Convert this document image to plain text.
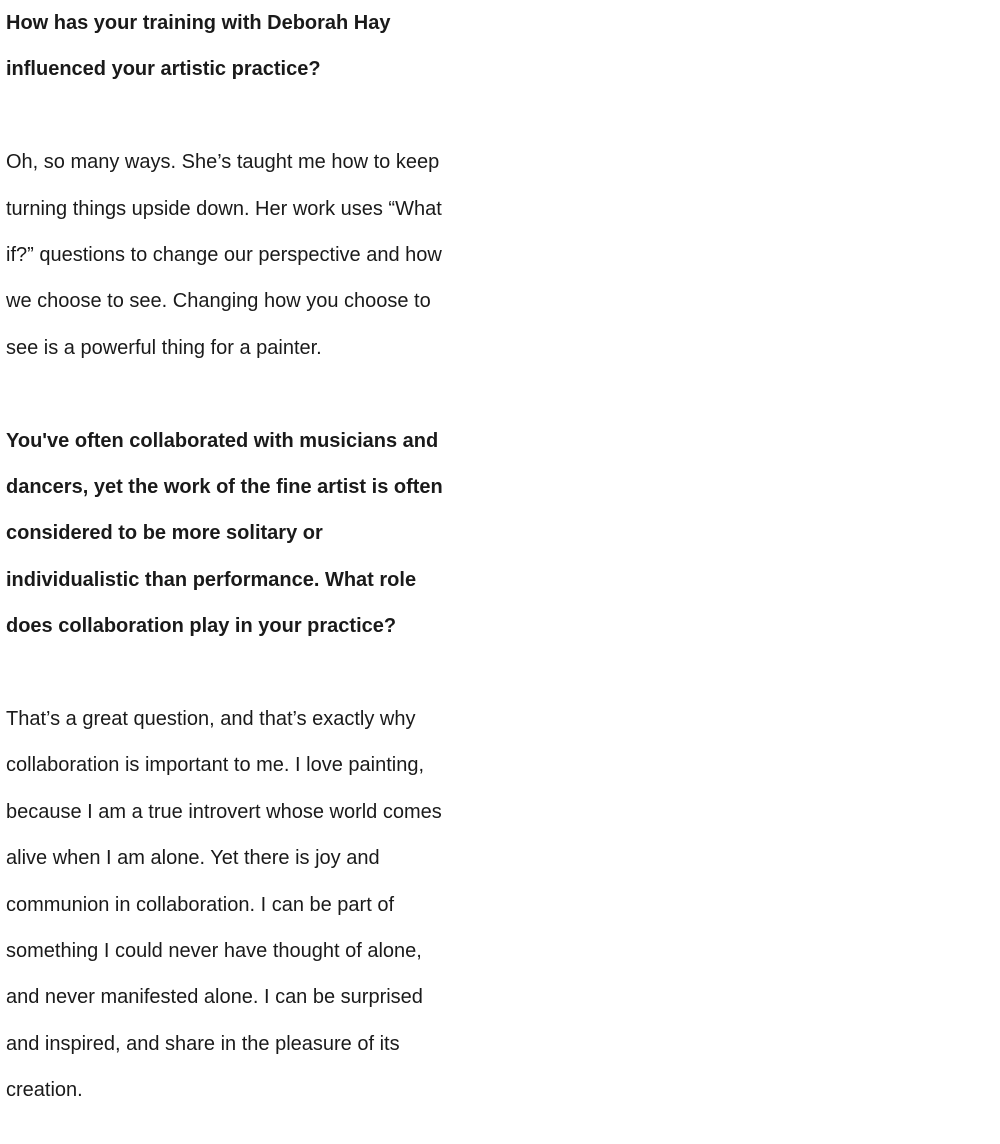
How has your training with Deborah Hay
influenced your artistic practice?

Oh, so many ways. She’s taught me how to keep
turning things upside down. Her work uses “What
if?” questions to change our perspective and how
we choose to see. Changing how you choose to
see is a powerful thing for a painter.

You've often collaborated with musicians and
dancers, yet the work of the fine artist is often
considered to be more solitary or
individualistic than performance. What role
does collaboration play in your practice?

That’s a great question, and that’s exactly why
collaboration is important to me. I love painting,
because I am a true introvert whose world comes
alive when I am alone. Yet there is joy and
communion in collaboration. I can be part of
something I could never have thought of alone,
and never manifested alone. I can be surprised
and inspired, and share in the pleasure of its
creation.
